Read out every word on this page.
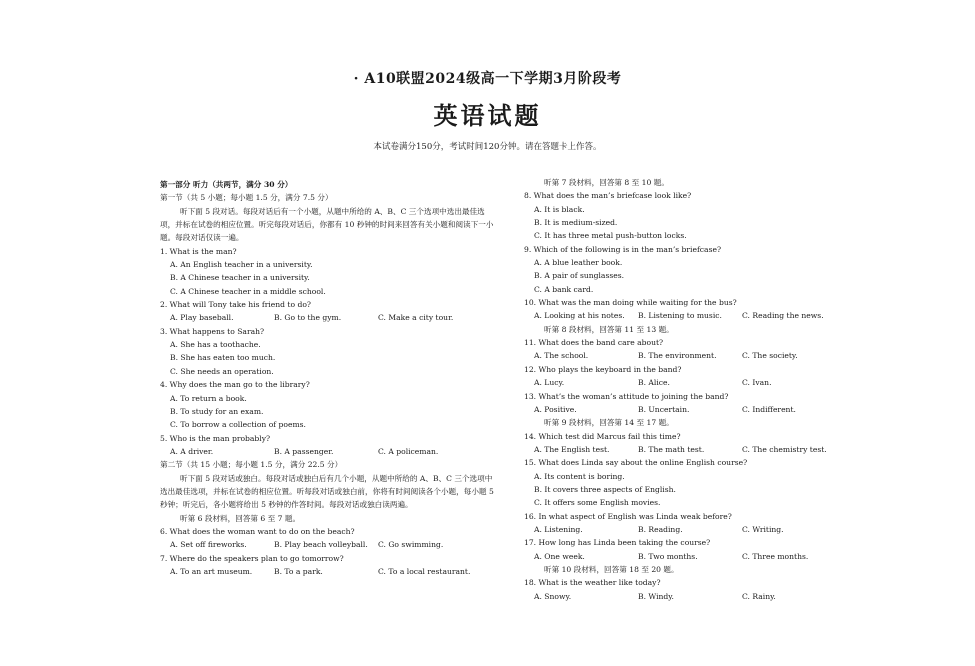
· A10联盟2024级高一下学期3月阶段考
英语试题
本试卷满分150分，考试时间120分钟。请在答题卡上作答。
第一部分 听力（共两节，满分 30 分）
第一节（共 5 小题；每小题 1.5 分，满分 7.5 分）
听下面 5 段对话。每段对话后有一个小题，从题中所给的 A、B、C 三个选项中选出最佳选项，并标在试卷的相应位置。听完每段对话后，你都有 10 秒钟的时间来回答有关小题和阅读下一小题。每段对话仅读一遍。
1. What is the man?
A. An English teacher in a university.
B. A Chinese teacher in a university.
C. A Chinese teacher in a middle school.
2. What will Tony take his friend to do?
A. Play baseball.	B. Go to the gym.	C. Make a city tour.
3. What happens to Sarah?
A. She has a toothache.
B. She has eaten too much.
C. She needs an operation.
4. Why does the man go to the library?
A. To return a book.
B. To study for an exam.
C. To borrow a collection of poems.
5. Who is the man probably?
A. A driver.	B. A passenger.	C. A policeman.
第二节（共 15 小题；每小题 1.5 分，满分 22.5 分）
听下面 5 段对话或独白。每段对话或独白后有几个小题，从题中所给的 A、B、C 三个选项中选出最佳选项，并标在试卷的相应位置。听每段对话或独白前，你将有时间阅读各个小题，每小题 5 秒钟；听完后，各小题将给出 5 秒钟的作答时间。每段对话或独白读两遍。
听第 6 段材料，回答第 6 至 7 题。
6. What does the woman want to do on the beach?
A. Set off fireworks.	B. Play beach volleyball.	C. Go swimming.
7. Where do the speakers plan to go tomorrow?
A. To an art museum.	B. To a park.	C. To a local restaurant.
听第 7 段材料，回答第 8 至 10 题。
8. What does the man’s briefcase look like?
A. It is black.
B. It is medium-sized.
C. It has three metal push-button locks.
9. Which of the following is in the man’s briefcase?
A. A blue leather book.
B. A pair of sunglasses.
C. A bank card.
10. What was the man doing while waiting for the bus?
A. Looking at his notes.	B. Listening to music.	C. Reading the news.
听第 8 段材料，回答第 11 至 13 题。
11. What does the band care about?
A. The school.	B. The environment.	C. The society.
12. Who plays the keyboard in the band?
A. Lucy.	B. Alice.	C. Ivan.
13. What’s the woman’s attitude to joining the band?
A. Positive.	B. Uncertain.	C. Indifferent.
听第 9 段材料，回答第 14 至 17 题。
14. Which test did Marcus fail this time?
A. The English test.	B. The math test.	C. The chemistry test.
15. What does Linda say about the online English course?
A. Its content is boring.
B. It covers three aspects of English.
C. It offers some English movies.
16. In what aspect of English was Linda weak before?
A. Listening.	B. Reading.	C. Writing.
17. How long has Linda been taking the course?
A. One week.	B. Two months.	C. Three months.
听第 10 段材料，回答第 18 至 20 题。
18. What is the weather like today?
A. Snowy.	B. Windy.	C. Rainy.
